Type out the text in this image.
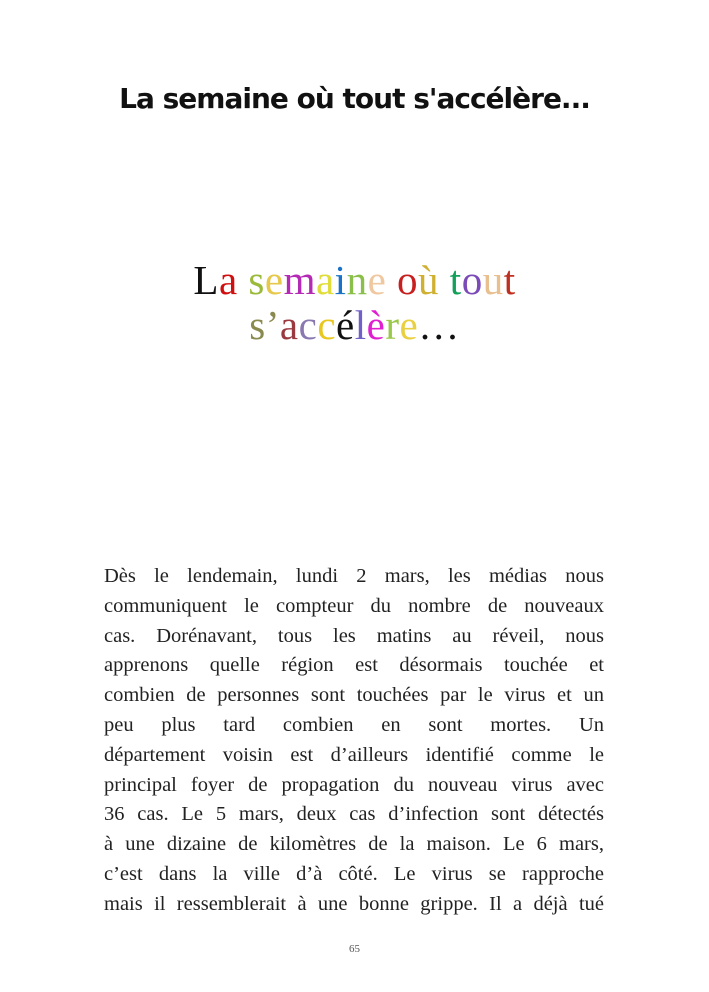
La semaine où tout s'accélère...
La semaine où tout
s’accélère…
Dès le lendemain, lundi 2 mars, les médias nous
communiquent le compteur du nombre de nouveaux
cas. Dorénavant, tous les matins au réveil, nous
apprenons quelle région est désormais touchée et
combien de personnes sont touchées par le virus et un
peu plus tard combien en sont mortes. Un
département voisin est d’ailleurs identifié comme le
principal foyer de propagation du nouveau virus avec
36 cas. Le 5 mars, deux cas d’infection sont détectés
à une dizaine de kilomètres de la maison. Le 6 mars,
c’est dans la ville d’à côté. Le virus se rapproche
mais il ressemblerait à une bonne grippe. Il a déjà tué
65
